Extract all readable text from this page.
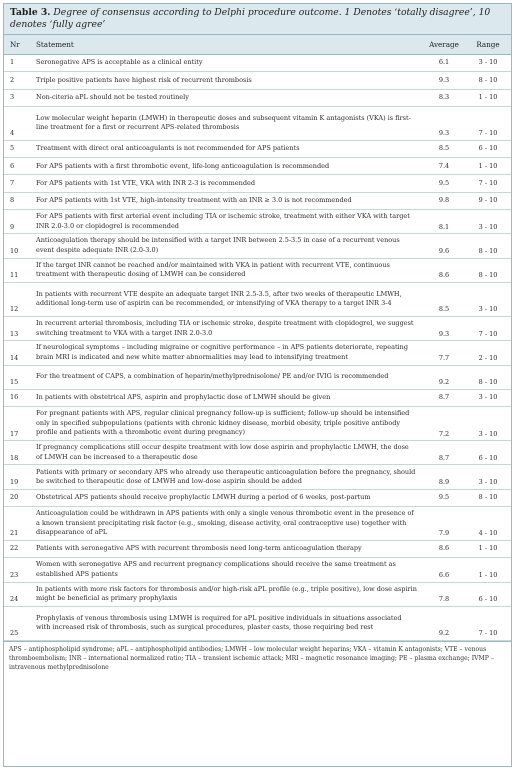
Table 3. Degree of consensus according to Delphi procedure outcome. 1 Denotes ‘totally disagree’, 10 denotes ‘fully agree’
Nr	Statement	Average	Range
1	Seronegative APS is acceptable as a clinical entity	6.1	3 - 10
2	Triple positive patients have highest risk of recurrent thrombosis	9.3	8 - 10
3	Non-citeria aPL should not be tested routinely	8.3	1 - 10
4
Low molecular weight heparin (LMWH) in therapeutic doses and subsequent vitamin K antagonists (VKA) is first-line treatment for a first or recurrent APS-related thrombosis
9.3	7 - 10
5	Treatment with direct oral anticoagulants is not recommended for APS patients	8.5	6 - 10
6	For APS patients with a first thrombotic event, life-long anticoagulation is recommended	7.4	1 - 10
7	For APS patients with 1st VTE, VKA with INR 2-3 is recommended	9.5	7 - 10
8	For APS patients with 1st VTE, high-intensity treatment with an INR ≥ 3.0 is not recommended	9.8	9 - 10
9
For APS patients with first arterial event including TIA or ischemic stroke, treatment with either VKA with target INR 2.0-3.0 or clopidogrel is recommended	8.1	3 - 10
10
Anticoagulation therapy should be intensified with a target INR between 2.5-3.5 in case of a recurrent venous event despite adequate INR (2.0-3.0)	9.6	8 - 10
11
If the target INR cannot be reached and/or maintained with VKA in patient with recurrent VTE, continuous treatment with therapeutic dosing of LMWH can be considered	8.6	8 - 10
12
In patients with recurrent VTE despite an adequate target INR 2.5-3.5, after two weeks of therapeutic LMWH, additional long-term use of aspirin can be recommended, or intensifying of VKA therapy to a target INR 3-4
8.5	3 - 10
13
In recurrent arterial thrombosis, including TIA or ischemic stroke, despite treatment with clopidogrel, we suggest switching treatment to VKA with a target INR 2.0-3.0	9.3	7 - 10
14
If neurological symptoms – including migraine or cognitive performance – in APS patients deteriorate, repeating brain MRI is indicated and new white matter abnormalities may lead to intensifying treatment	7.7	2 - 10
15
For the treatment of CAPS, a combination of heparin/methylprednisolone/ PE and/or IVIG is recommended
9.2	8 - 10
16	In patients with obstetrical APS, aspirin and prophylactic dose of LMWH should be given	8.7	3 - 10
17
For pregnant patients with APS, regular clinical pregnancy follow-up is sufficient; follow-up should be intensified only in specified subpopulations (patients with chronic kidney disease, morbid obesity, triple positive antibody profile and patients with a thrombotic event during pregnancy)	7.2	3 - 10
18
If pregnancy complications still occur despite treatment with low dose aspirin and prophylactic LMWH, the dose of LMWH can be increased to a therapeutic dose	8.7	6 - 10
19
Patients with primary or secondary APS who already use therapeutic anticoagulation before the pregnancy, should be switched to therapeutic dose of LMWH and low-dose aspirin should be added	8.9	3 - 10
20	Obstetrical APS patients should receive prophylactic LMWH during a period of 6 weeks, post-partum	9.5	8 - 10
21
Anticoagulation could be withdrawn in APS patients with only a single venous thrombotic event in the presence of a known transient precipitating risk factor (e.g., smoking, disease activity, oral contraceptive use) together with disappearance of aPL	7.9	4 - 10
22	Patients with seronegative APS with recurrent thrombosis need long-term anticoagulation therapy	8.6	1 - 10
23
Women with seronegative APS and recurrent pregnancy complications should receive the same treatment as established APS patients	6.6	1 - 10
24
In patients with more risk factors for thrombosis and/or high-risk aPL profile (e.g., triple positive), low dose aspirin might be beneficial as primary prophylaxis	7.8	6 - 10
25
Prophylaxis of venous thrombosis using LMWH is required for aPL positive individuals in situations associated with increased risk of thrombosis, such as surgical procedures, plaster casts, those requiring bed rest
9.2	7 - 10
APS – antiphospholipid syndrome; aPL – antiphospholipid antibodies; LMWH – low molecular weight heparins; VKA – vitamin K antagonists; VTE – venous thromboembolism; INR – international normalized ratio; TIA – transient ischemic attack; MRI – magnetic resonance imaging; PE – plasma exchange; IVMP – intravenous methylprednisolone
